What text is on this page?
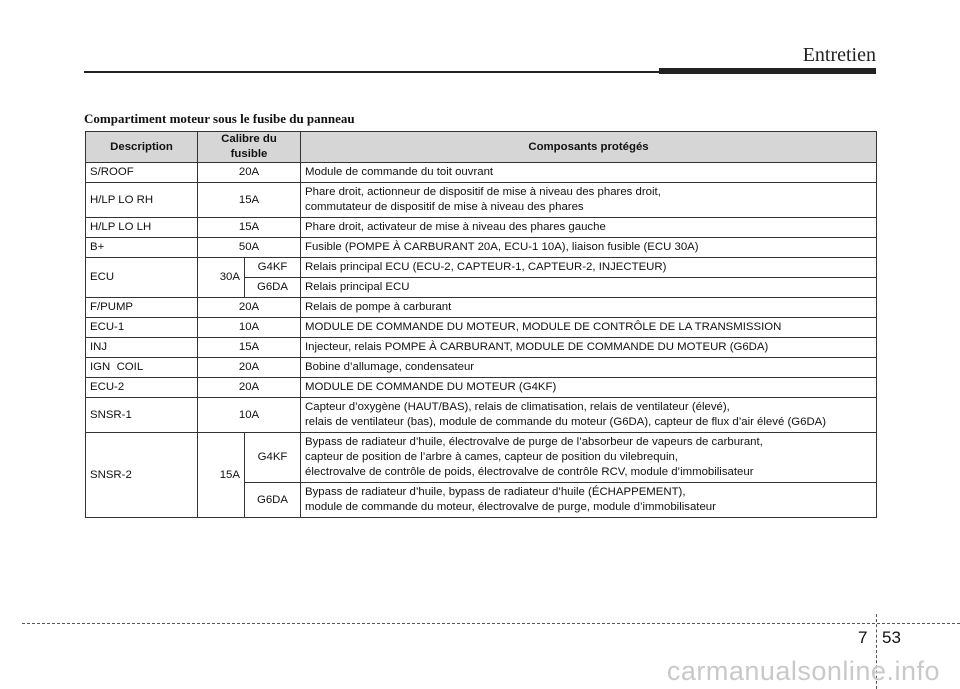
Entretien
Compartiment moteur sous le fusibe du panneau
Description	Calibre du fusible		Composants protégés
S/ROOF	20A		Module de commande du toit ouvrant
H/LP LO RH	15A		Phare droit, actionneur de dispositif de mise à niveau des phares droit,
commutateur de dispositif de mise à niveau des phares

H/LP LO LH	15A		Phare droit, activateur de mise à niveau des phares gauche
B+	50A		Fusible (POMPE À CARBURANT 20A, ECU-1 10A), liaison fusible (ECU 30A)
ECU	30A	G4KF	Relais principal ECU (ECU-2, CAPTEUR-1, CAPTEUR-2, INJECTEUR)
		G6DA	Relais principal ECU
F/PUMP	20A		Relais de pompe à carburant
ECU-1	10A		MODULE DE COMMANDE DU MOTEUR, MODULE DE CONTRÔLE DE LA TRANSMISSION
INJ	15A		Injecteur, relais POMPE À CARBURANT, MODULE DE COMMANDE DU MOTEUR (G6DA)
IGN  COIL	20A		Bobine d’allumage, condensateur
ECU-2	20A		MODULE DE COMMANDE DU MOTEUR (G4KF)
SNSR-1	10A		Capteur d’oxygène (HAUT/BAS), relais de climatisation, relais de ventilateur (élevé),
relais de ventilateur (bas), module de commande du moteur (G6DA), capteur de flux d’air élevé (G6DA)

SNSR-2	15A	G4KF	Bypass de radiateur d’huile, électrovalve de purge de l’absorbeur de vapeurs de carburant,
capteur de position de l’arbre à cames, capteur de position du vilebrequin,
électrovalve de contrôle de poids, électrovalve de contrôle RCV, module d’immobilisateur

		G6DA	Bypass de radiateur d’huile, bypass de radiateur d’huile (ÉCHAPPEMENT),
module de commande du moteur, électrovalve de purge, module d’immobilisateur
7 53
carmanualsonline.info
